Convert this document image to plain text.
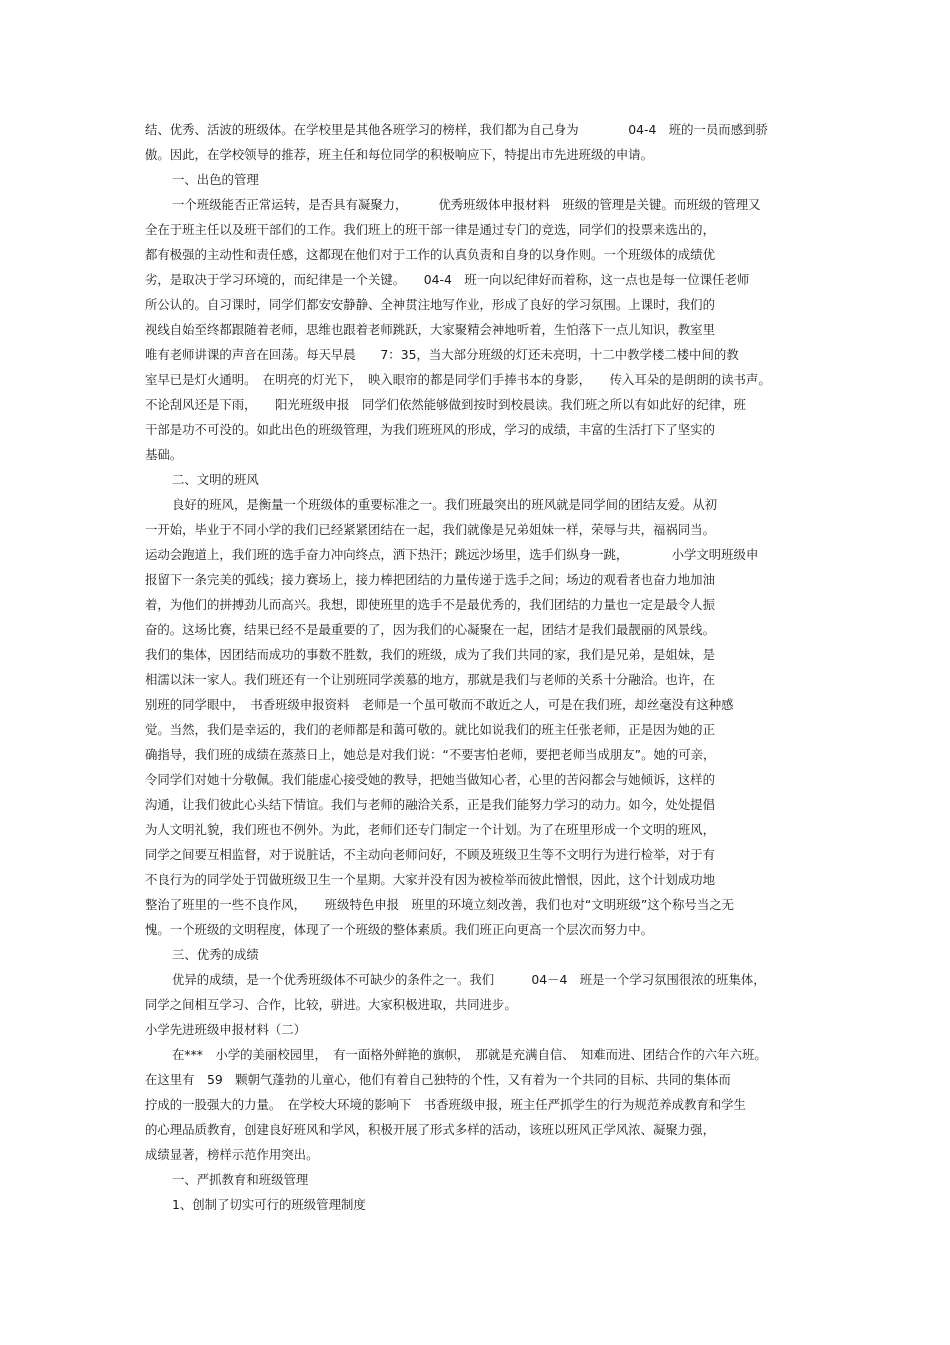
结、优秀、活波的班级体。在学校里是其他各班学习的榜样，我们都为自己身为　　　　04-4　班的一员而感到骄
傲。因此，在学校领导的推荐，班主任和每位同学的积极响应下，特提出市先进班级的申请。
一、出色的管理
一个班级能否正常运转，是否具有凝聚力，　　　优秀班级体申报材料　班级的管理是关键。而班级的管理又
全在于班主任以及班干部们的工作。我们班上的班干部一律是通过专门的竞选，同学们的投票来选出的，
都有极强的主动性和责任感，这都现在他们对于工作的认真负责和自身的以身作则。一个班级体的成绩优
劣，是取决于学习环境的，而纪律是一个关键。　　04-4　班一向以纪律好而着称，这一点也是每一位课任老师
所公认的。自习课时，同学们都安安静静、全神贯注地写作业，形成了良好的学习氛围。上课时，我们的
视线自始至终都跟随着老师，思维也跟着老师跳跃，大家聚精会神地听着，生怕落下一点儿知识，教室里
唯有老师讲课的声音在回荡。每天早晨　　7：35，当大部分班级的灯还未亮明，十二中教学楼二楼中间的教
室早已是灯火通明。　在明亮的灯光下，　映入眼帘的都是同学们手捧书本的身影，　　传入耳朵的是朗朗的读书声。
不论刮风还是下雨，　　阳光班级申报　同学们依然能够做到按时到校晨读。我们班之所以有如此好的纪律，班
干部是功不可没的。如此出色的班级管理，为我们班班风的形成，学习的成绩，丰富的生活打下了坚实的
基础。
二、文明的班风
良好的班风，是衡量一个班级体的重要标准之一。我们班最突出的班风就是同学间的团结友爱。从初
一开始，毕业于不同小学的我们已经紧紧团结在一起，我们就像是兄弟姐妹一样，荣辱与共，福祸同当。
运动会跑道上，我们班的选手奋力冲向终点，洒下热汗；跳远沙场里，选手们纵身一跳，　　　　小学文明班级申
报留下一条完美的弧线；接力赛场上，接力棒把团结的力量传递于选手之间；场边的观看者也奋力地加油
着，为他们的拼搏劲儿而高兴。我想，即使班里的选手不是最优秀的，我们团结的力量也一定是最令人振
奋的。这场比赛，结果已经不是最重要的了，因为我们的心凝聚在一起，团结才是我们最靓丽的风景线。
我们的集体，因团结而成功的事数不胜数，我们的班级，成为了我们共同的家，我们是兄弟，是姐妹，是
相濡以沫一家人。我们班还有一个让别班同学羡慕的地方，那就是我们与老师的关系十分融洽。也许，在
别班的同学眼中，　书香班级申报资料　老师是一个虽可敬而不敢近之人，可是在我们班，却丝毫没有这种感
觉。当然，我们是幸运的，我们的老师都是和蔼可敬的。就比如说我们的班主任张老师，正是因为她的正
确指导，我们班的成绩在蒸蒸日上，她总是对我们说：“不要害怕老师，要把老师当成朋友”。她的可亲，
令同学们对她十分敬佩。我们能虚心接受她的教导，把她当做知心者，心里的苦闷都会与她倾诉，这样的
沟通，让我们彼此心头结下情谊。我们与老师的融洽关系，正是我们能努力学习的动力。如今，处处提倡
为人文明礼貌，我们班也不例外。为此，老师们还专门制定一个计划。为了在班里形成一个文明的班风，
同学之间要互相监督，对于说脏话，不主动向老师问好，不顾及班级卫生等不文明行为进行检举，对于有
不良行为的同学处于罚做班级卫生一个星期。大家并没有因为被检举而彼此憎恨，因此，这个计划成功地
整治了班里的一些不良作风，　　班级特色申报　班里的环境立刻改善，我们也对“文明班级”这个称号当之无
愧。一个班级的文明程度，体现了一个班级的整体素质。我们班正向更高一个层次而努力中。
三、优秀的成绩
优异的成绩，是一个优秀班级体不可缺少的条件之一。我们　　　04－4　班是一个学习氛围很浓的班集体，
同学之间相互学习、合作，比较，骈进。大家积极进取，共同进步。
小学先进班级申报材料（二）
在***　小学的美丽校园里，　有一面格外鲜艳的旗帜，　那就是充满自信、　知难而进、团结合作的六年六班。
在这里有　59　颗朝气蓬勃的儿童心，他们有着自己独特的个性，又有着为一个共同的目标、共同的集体而
拧成的一股强大的力量。　在学校大环境的影响下　书香班级申报，班主任严抓学生的行为规范养成教育和学生
的心理品质教育，创建良好班风和学风，积极开展了形式多样的活动，该班以班风正学风浓、凝聚力强，
成绩显著，榜样示范作用突出。
一、严抓教育和班级管理
1、创制了切实可行的班级管理制度
